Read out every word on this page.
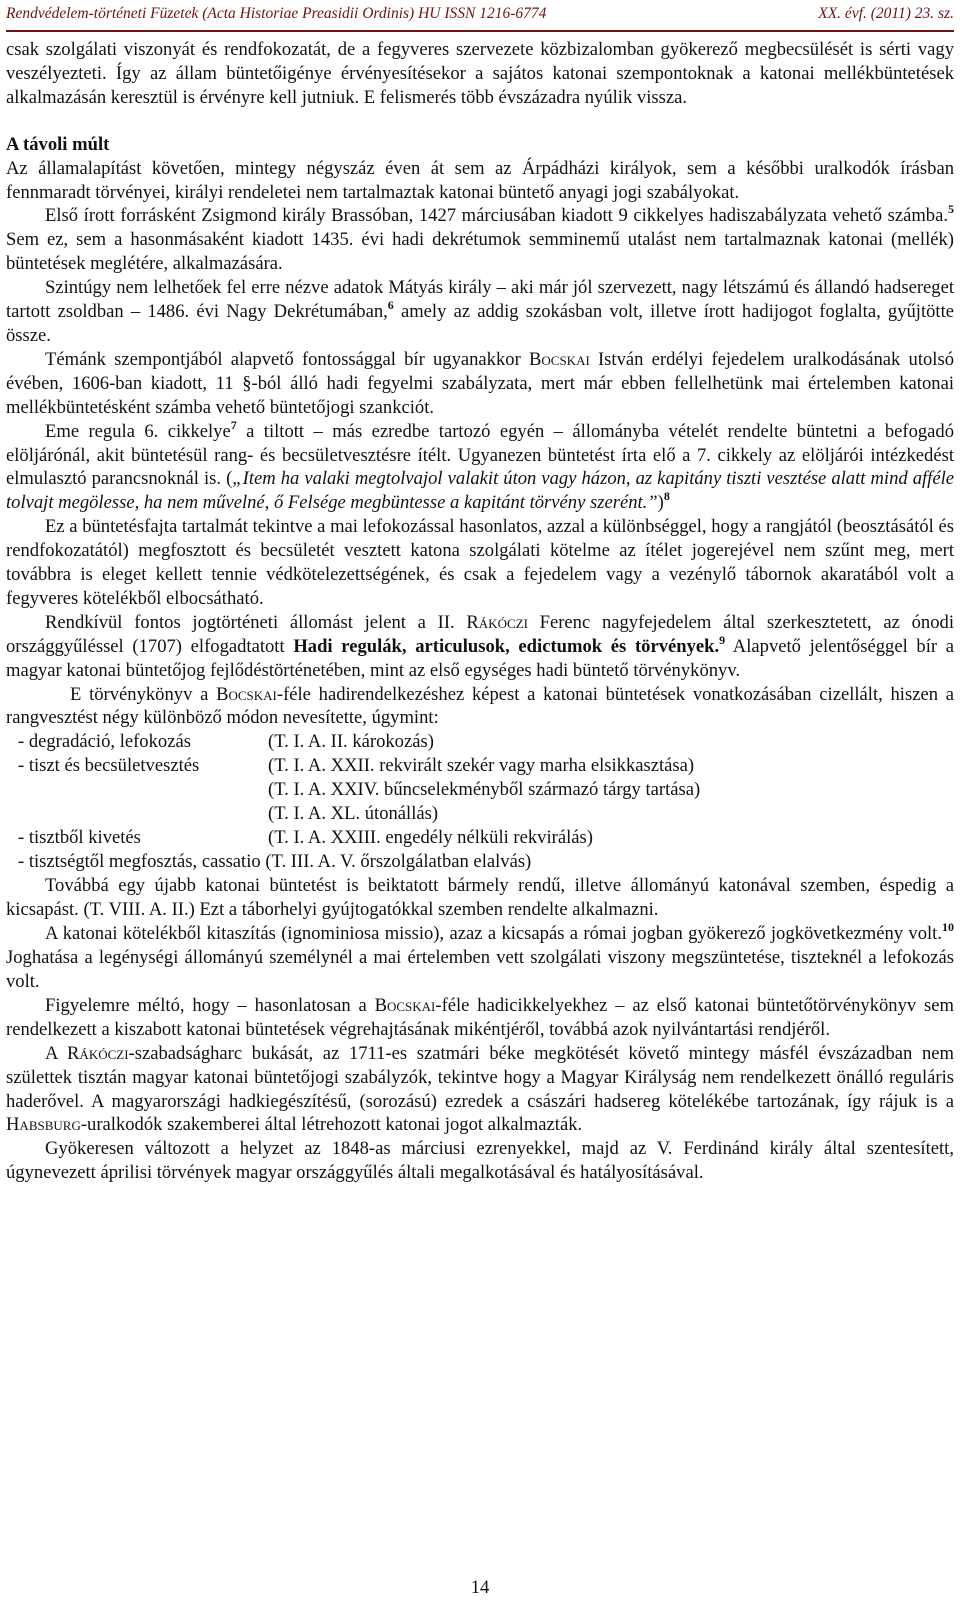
Rendvédelem-történeti Füzetek (Acta Historiae Preasidii Ordinis) HU ISSN 1216-6774	XX. évf. (2011) 23. sz.

csak szolgálati viszonyát és rendfokozatát, de a fegyveres szervezete közbizalomban gyökerező megbecsülését is sérti vagy veszélyezteti. Így az állam büntetőigénye érvényesítésekor a sajátos katonai szempontoknak a katonai mellékbüntetések alkalmazásán keresztül is érvényre kell jutniuk. E felismerés több évszázadra nyúlik vissza.

A távoli múlt

Az államalapítást követően, mintegy négyszáz éven át sem az Árpádházi királyok, sem a későbbi uralkodók írásban fennmaradt törvényei, királyi rendeletei nem tartalmaztak katonai büntető anyagi jogi szabályokat.

Első írott forrásként Zsigmond király Brassóban, 1427 márciusában kiadott 9 cikkelyes hadiszabályzata vehető számba.$^5$ Sem ez, sem a hasonmásaként kiadott 1435. évi hadi dekrétumok semminemű utalást nem tartalmaznak katonai (mellék) büntetések meglétére, alkalmazására.

Szintúgy nem lelhetőek fel erre nézve adatok Mátyás király – aki már jól szervezett, nagy létszámú és állandó hadsereget tartott zsoldban – 1486. évi Nagy Dekrétumában,$^6$ amely az addig szokásban volt, illetve írott hadijogot foglalta, gyűjtötte össze.

Témánk szempontjából alapvető fontossággal bír ugyanakkor Bocskai István erdélyi fejedelem uralkodásának utolsó évében, 1606-ban kiadott, 11 §-ból álló hadi fegyelmi szabályzata, mert már ebben fellelhetünk mai értelemben katonai mellékbüntetésként számba vehető büntetőjogi szankciót.

Eme regula 6. cikkelye$^7$ a tiltott – más ezredbe tartozó egyén – állományba vételét rendelte büntetni a befogadó elöljárónál, akit büntetésül rang- és becsületvesztésre ítélt. Ugyanezen büntetést írta elő a 7. cikkely az elöljárói intézkedést elmulasztó parancsnoknál is. („Item ha valaki megtolvajol valakit úton vagy házon, az kapitány tiszti vesztése alatt mind afféle tolvajt megölesse, ha nem művelné, ő Felsége megbüntesse a kapitánt törvény szerént.”)$^8$

Ez a büntetésfajta tartalmát tekintve a mai lefokozással hasonlatos, azzal a különbséggel, hogy a rangjától (beosztásától és rendfokozatától) megfosztott és becsületét vesztett katona szolgálati kötelme az ítélet jogerejével nem szűnt meg, mert továbbra is eleget kellett tennie védkötelezettségének, és csak a fejedelem vagy a vezénylő tábornok akaratából volt a fegyveres kötelékből elbocsátható.

Rendkívül fontos jogtörténeti állomást jelent a II. Rákóczi Ferenc nagyfejedelem által szerkesztetett, az ónodi országgyűléssel (1707) elfogadtatott Hadi regulák, articulusok, edictumok és törvények.$^9$ Alapvető jelentőséggel bír a magyar katonai büntetőjog fejlődéstörténetében, mint az első egységes hadi büntető törvénykönyv.

E törvénykönyv a Bocskai-féle hadirendelkezéshez képest a katonai büntetések vonatkozásában cizellált, hiszen a rangvesztést négy különböző módon nevesítette, úgymint:

- degradáció, lefokozás	(T. I. A. II. károkozás)
- tiszt és becsületvesztés	(T. I. A. XXII. rekvirált szekér vagy marha elsikkasztása)
(T. I. A. XXIV. bűncselekményből származó tárgy tartása)
(T. I. A. XL. útonállás)
- tisztből kivetés	(T. I. A. XXIII. engedély nélküli rekvirálás)
- tisztségtől megfosztás, cassatio (T. III. A. V. őrszolgálatban elalvás)

Továbbá egy újabb katonai büntetést is beiktatott bármely rendű, illetve állományú katonával szemben, éspedig a kicsapást. (T. VIII. A. II.) Ezt a táborhelyi gyújtogatókkal szemben rendelte alkalmazni.

A katonai kötelékből kitaszítás (ignominiosa missio), azaz a kicsapás a római jogban gyökerező jogkövetkezmény volt.$^{10}$ Joghatása a legénységi állományú személynél a mai értelemben vett szolgálati viszony megszüntetése, tiszteknél a lefokozás volt.

Figyelemre méltó, hogy – hasonlatosan a Bocskai-féle hadicikkelyekhez – az első katonai büntetőtörvénykönyv sem rendelkezett a kiszabott katonai büntetések végrehajtásának mikéntjéről, továbbá azok nyilvántartási rendjéről.

A Rákóczi-szabadságharc bukását, az 1711-es szatmári béke megkötését követő mintegy másfél évszázadban nem születtek tisztán magyar katonai büntetőjogi szabályzók, tekintve hogy a Magyar Királyság nem rendelkezett önálló reguláris haderővel. A magyarországi hadkiegészítésű, (sorozású) ezredek a császári hadsereg kötelékébe tartozának, így rájuk is a Habsburg-uralkodók szakemberei által létrehozott katonai jogot alkalmazták.

Gyökeresen változott a helyzet az 1848-as márciusi ezrenyekkel, majd az V. Ferdinánd király által szentesített, úgynevezett áprilisi törvények magyar országgyűlés általi megalkotásával és hatályosításával.

14
